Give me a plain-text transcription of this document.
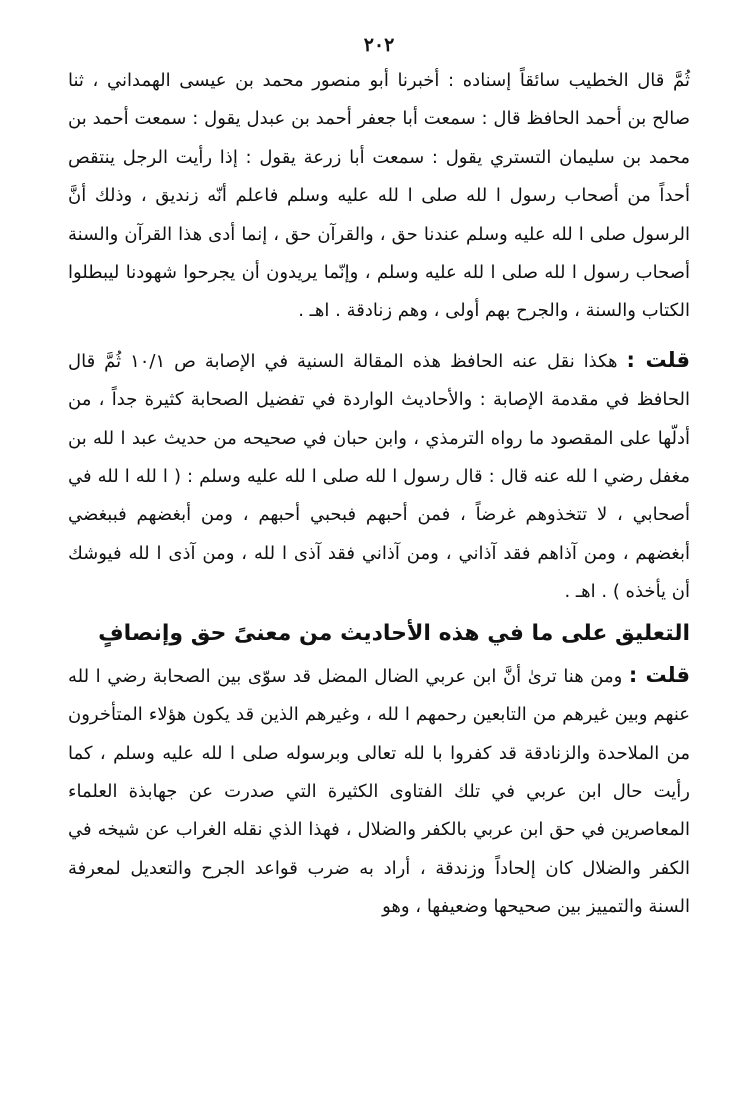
٢٠٢

ثُمَّ قال الخطيب سائقاً إسناده : أخبرنا أبو منصور محمد بن عيسى الهمداني ، ثنا صالح بن أحمد الحافظ قال : سمعت أبا جعفر أحمد بن عبدل يقول : سمعت أحمد بن محمد بن سليمان التستري يقول : سمعت أبا زرعة يقول : إذا رأيت الرجل ينتقص أحداً من أصحاب رسول ا لله صلى ا لله عليه وسلم فاعلم أنّه زنديق ، وذلك أنَّ الرسول صلى ا لله عليه وسلم عندنا حق ، والقرآن حق ، إنما أدى هذا القرآن والسنة أصحاب رسول ا لله صلى ا لله عليه وسلم ، وإنّما يريدون أن يجرحوا شهودنا ليبطلوا الكتاب والسنة ، والجرح بهم أولى ، وهم زنادقة . اهـ .

قلت : هكذا نقل عنه الحافظ هذه المقالة السنية في الإصابة ص ١٠/١ ثُمَّ قال الحافظ في مقدمة الإصابة : والأحاديث الواردة في تفضيل الصحابة كثيرة جداً ، من أدلّها على المقصود ما رواه الترمذي ، وابن حبان في صحيحه من حديث عبد ا لله بن مغفل رضي ا لله عنه قال : قال رسول ا لله صلى ا لله عليه وسلم : ( ا لله ا لله في أصحابي ، لا تتخذوهم غرضاً ، فمن أحبهم فبحبي أحبهم ، ومن أبغضهم فببغضي أبغضهم ، ومن آذاهم فقد آذاني ، ومن آذاني فقد آذى ا لله ، ومن آذى ا لله فيوشك أن يأخذه ) . اهـ .

التعليق على ما في هذه الأحاديث من معنىً حق وإنصافٍ

قلت : ومن هنا ترىٰ أنَّ ابن عربي الضال المضل قد سوّى بين الصحابة رضي ا لله عنهم وبين غيرهم من التابعين رحمهم ا لله ، وغيرهم الذين قد يكون هؤلاء المتأخرون من الملاحدة والزنادقة قد كفروا با لله تعالى وبرسوله صلى ا لله عليه وسلم ، كما رأيت حال ابن عربي في تلك الفتاوى الكثيرة التي صدرت عن جهابذة العلماء المعاصرين في حق ابن عربي بالكفر والضلال ، فهذا الذي نقله الغراب عن شيخه في الكفر والضلال كان إلحاداً وزندقة ، أراد به ضرب قواعد الجرح والتعديل لمعرفة السنة والتمييز بين صحيحها وضعيفها ، وهو
